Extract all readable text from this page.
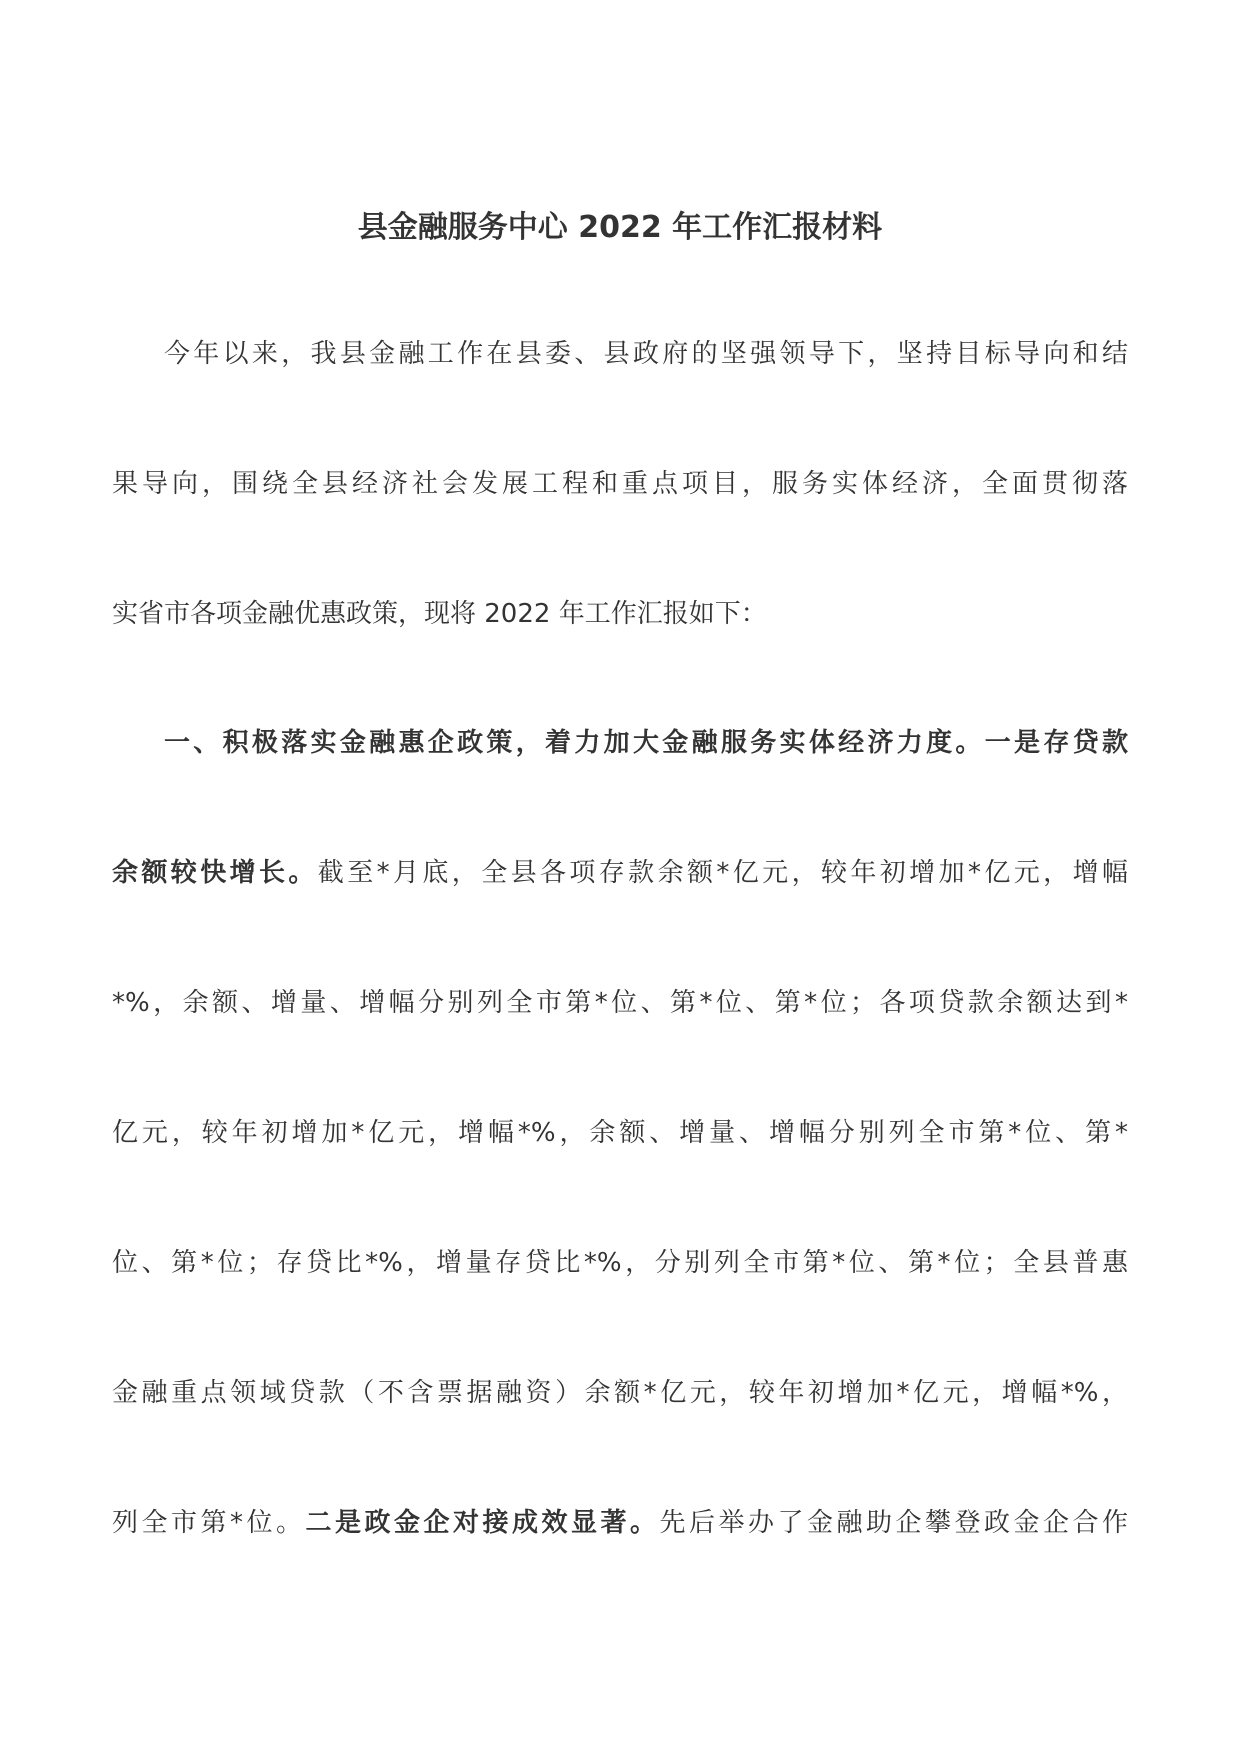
县金融服务中心 2022 年工作汇报材料
今年以来，我县金融工作在县委、县政府的坚强领导下，坚持目标导向和结
果导向，围绕全县经济社会发展工程和重点项目，服务实体经济，全面贯彻落
实省市各项金融优惠政策，现将 2022 年工作汇报如下：
一、积极落实金融惠企政策，着力加大金融服务实体经济力度。一是存贷款
余额较快增长。截至*月底，全县各项存款余额*亿元，较年初增加*亿元，增幅
*%，余额、增量、增幅分别列全市第*位、第*位、第*位；各项贷款余额达到*
亿元，较年初增加*亿元，增幅*%，余额、增量、增幅分别列全市第*位、第*
位、第*位；存贷比*%，增量存贷比*%，分别列全市第*位、第*位；全县普惠
金融重点领域贷款（不含票据融资）余额*亿元，较年初增加*亿元，增幅*%，
列全市第*位。二是政金企对接成效显著。先后举办了金融助企攀登政金企合作
